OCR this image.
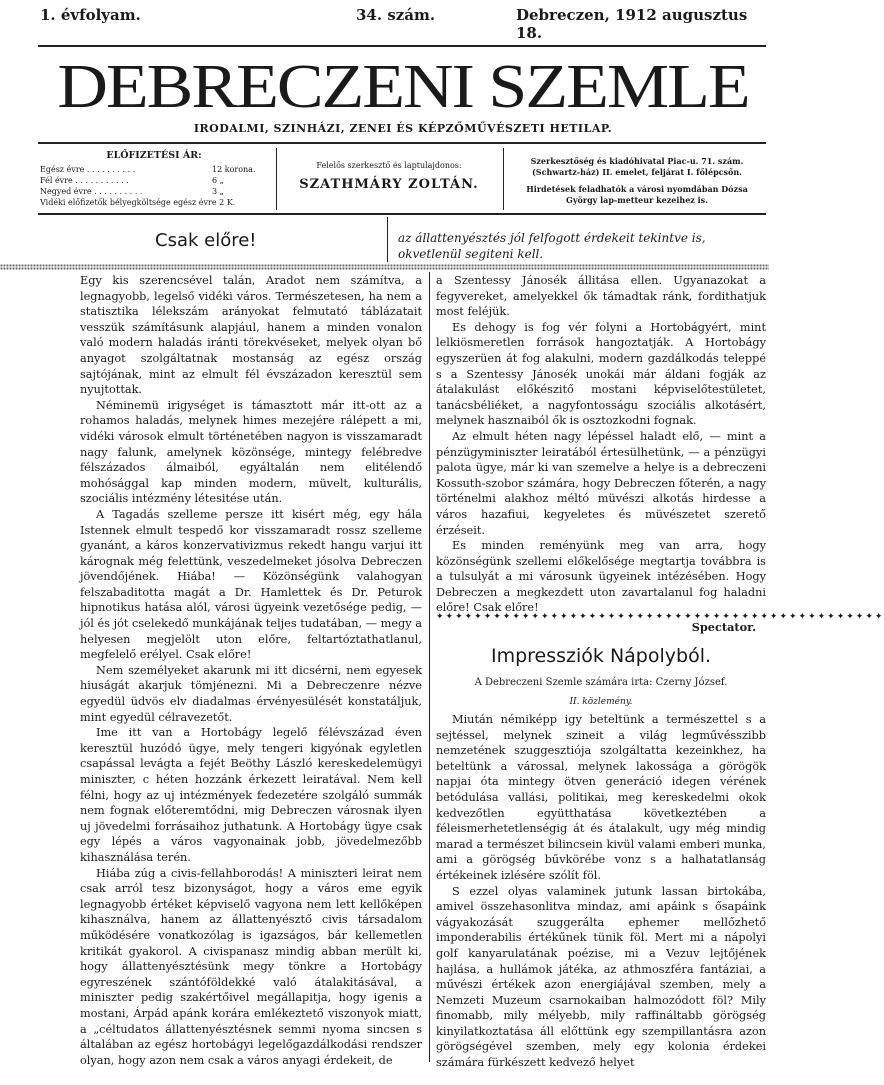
1. évfolyam.	34. szám.	Debreczen, 1912 augusztus 18.
DEBRECZENI SZEMLE
IRODALMI, SZINHÁZI, ZENEI ÉS KÉPZŐMŰVÉSZETI HETILAP.
ELŐFIZETÉSI ÁR:
Egész évre . . . . . . . . . .	12 korona.
Fél évre . . . . . . . . . . .	6 „
Negyed évre . . . . . . . . . .	3 „
Vidéki előfizetők bélyegköltsége egész évre 2 K.
Felelős szerkesztő és laptulajdonos:
SZATHMÁRY ZOLTÁN.
Szerkesztőség és kiadóhivatal Piac-u. 71. szám. (Schwartz-ház) II. emelet, feljárat I. főlépcsőn.
Hirdetések feladhatók a városi nyomdában Dózsa György lap-metteur kezeihez is.
Csak előre!	az állattenyésztés jól felfogott érdekeit tekintve is, okvetlenül segiteni kell.

Egy kis szerencsével talán, Aradot nem számítva, a legnagyobb, legelső vidéki város. Természetesen, ha nem a statisztika lélekszám arányokat felmutató táblázatait vesszük számításunk alapjául, hanem a minden vonalon való modern haladás iránti törekvéseket, melyek olyan bő anyagot szolgáltatnak mostanság az egész ország sajtójának, mint az elmult fél évszázadon keresztül sem nyujtottak.

Néminemü irigységet is támasztott már itt-ott az a rohamos haladás, melynek himes mezejére rálépett a mi, vidéki városok elmult történetében nagyon is visszamaradt nagy falunk, amelynek közönsége, mintegy felébredve félszázados álmaiból, egyáltalán nem elitélendő mohósággal kap minden modern, müvelt, kulturális, szociális intézmény létesitése után.

A Tagadás szelleme persze itt kisért még, egy hála Istennek elmult tespedő kor visszamaradt rossz szelleme gyanánt, a káros konzervativizmus rekedt hangu varjui itt kárognak még felettünk, veszedelmeket jósolva Debreczen jövendőjének. Hiába! — Közönségünk valahogyan felszabaditotta magát a Dr. Hamlettek és Dr. Peturok hipnotikus hatása alól, városi ügyeink vezetősége pedig, — jól és jót cselekedő munkájának teljes tudatában, — megy a helyesen megjelölt uton előre, feltartóztathatlanul, megfelelő erélyel. Csak előre!

Nem személyeket akarunk mi itt dicsérni, nem egyesek hiuságát akarjuk tömjénezni. Mi a Debreczenre nézve egyedül üdvös elv diadalmas érvényesülését konstatáljuk, mint egyedül célravezetőt.

Ime itt van a Hortobágy legelő félévszázad éven keresztül huzódó ügye, mely tengeri kigyónak egyletlen csapással levágta a fejét Beöthy László kereskedelemügyi miniszter, c héten hozzánk érkezett leiratával. Nem kell félni, hogy az uj intézmények fedezetére szolgáló summák nem fognak előteremtődni, mig Debreczen városnak ilyen uj jövedelmi forrásaihoz juthatunk. A Hortobágy ügye csak egy lépés a város vagyonainak jobb, jövedelmezőbb kihasználása terén.

Hiába zúg a civis-fellahborodás! A miniszteri leirat nem csak arról tesz bizonyságot, hogy a város eme egyik legnagyobb értéket képviselő vagyona nem lett kellőképen kihasználva, hanem az állattenyésztő civis társadalom működésére vonatkozólag is igazságos, bár kellemetlen kritikát gyakorol. A civispanasz mindig abban merült ki, hogy állattenyésztésünk megy tönkre a Hortobágy egyreszének szántóföldekké való átalakitásával, a miniszter pedig szakértőivel megállapitja, hogy igenis a mostani, Árpád apánk korára emlékeztető viszonyok miatt, a „céltudatos állattenyésztésnek semmi nyoma sincsen s általában az egész hortobágyi legelőgazdálkodási rendszer olyan, hogy azon nem csak a város anyagi érdekeit, de

a Szentessy Jánosék állitása ellen. Ugyanazokat a fegyvereket, amelyekkel ők támadtak ránk, fordithatjuk most feléjük.

Es dehogy is fog vér folyni a Hortobágyért, mint lelkiösmeretlen források hangoztatják. A Hortobágy egyszerüen át fog alakulni, modern gazdálkodás teleppé s a Szentessy Jánosék unokái már áldani fogják az átalakulást előkészitő mostani képviselőtestületet, tanácsbéliéket, a nagyfontosságu szociális alkotásért, melynek hasznaiból ők is osztozkodni fognak.

Az elmult héten nagy lépéssel haladt elő, — mint a pénzügyminiszter leiratából értesülhetünk, — a pénzügyi palota ügye, már ki van szemelve a helye is a debreczeni Kossuth-szobor számára, hogy Debreczen főterén, a nagy történelmi alakhoz méltó müvészi alkotás hirdesse a város hazafiui, kegyeletes és müvészetet szerető érzéseit.

Es minden reményünk meg van arra, hogy közönségünk szellemi előkelősége megtartja továbbra is a tulsulyát a mi városunk ügyeinek intézésében. Hogy Debreczen a megkezdett uton zavartalanul fog haladni előre! Csak előre!

Spectator.
✦✦✦✦✦✦✦✦✦✦✦✦✦✦✦✦✦✦✦✦✦✦✦✦✦✦✦✦✦✦✦✦✦✦✦✦✦✦✦✦✦✦✦✦✦✦✦
Impressziók Nápolyból.
A Debreczeni Szemle számára irta: Czerny József.
II. közlemény.

Miután némiképp igy beteltünk a természettel s a sejtéssel, melynek szineit a világ legművésszibb nemzetének szuggesztiója szolgáltatta kezeinkhez, ha beteltünk a várossal, melynek lakossága a görögök napjai óta mintegy ötven generáció idegen vérének betódulása vallási, politikai, meg kereskedelmi okok kedvezőtlen együtthatása következtében a féleismerhetetlenségig át és átalakult, ugy még mindig marad a természet bilincsein kivül valami emberi munka, ami a görögség bűvkörébe vonz s a halhatatlanság értékeinek izlésére szólít föl.

S ezzel olyas valaminek jutunk lassan birtokába, amivel összehasonlitva mindaz, ami apáink s ősapáink vágyakozását szuggerálta ephemer mellőzhető imponderabilis értékűnek tünik föl. Mert mi a nápolyi golf kanyarulatának poézise, mi a Vezuv lejtőjének hajlása, a hullámok játéka, az athmoszféra fantáziai, a művészi értékek azon energiájával szemben, mely a Nemzeti Muzeum csarnokaiban halmozódott föl? Mily finomabb, mily mélyebb, mily raffináltabb görögség kinyilatkoztatása áll előttünk egy szempillantásra azon görögségével szemben, mely egy kolonia érdekei számára fürkészett kedvező helyet
